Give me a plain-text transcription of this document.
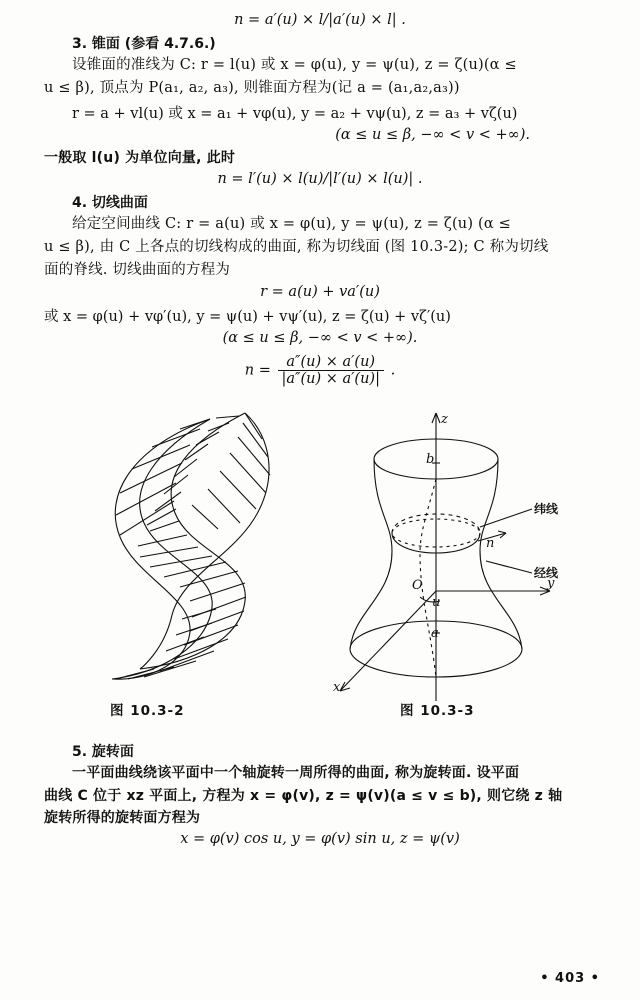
n = a′(u) × l/|a′(u) × l| .
3. 锥面 (参看 4.7.6.)
设锥面的准线为 C: r = l(u) 或 x = φ(u), y = ψ(u), z = ζ(u)(α ≤
u ≤ β), 顶点为 P(a₁, a₂, a₃), 则锥面方程为(记 a = (a₁,a₂,a₃))
r = a + vl(u) 或 x = a₁ + vφ(u), y = a₂ + vψ(u), z = a₃ + vζ(u)
(α ≤ u ≤ β, −∞ < v < +∞).
一般取 l(u) 为单位向量, 此时
n = l′(u) × l(u)/|l′(u) × l(u)| .
4. 切线曲面
给定空间曲线 C: r = a(u) 或 x = φ(u), y = ψ(u), z = ζ(u) (α ≤
u ≤ β), 由 C 上各点的切线构成的曲面, 称为切线面 (图 10.3-2); C 称为切线
面的脊线. 切线曲面的方程为
r = a(u) + va′(u)
或 x = φ(u) + vφ′(u), y = ψ(u) + vψ′(u), z = ζ(u) + vζ′(u)
(α ≤ u ≤ β, −∞ < v < +∞).
$n = \frac{a''(u) \times a'(u)}{|a''(u) \times a'(u)|}$ .
z
b
n
O
u
y
a
x
纬线
经线
图 10.3-2	图 10.3-3
5. 旋转面
一平面曲线绕该平面中一个轴旋转一周所得的曲面, 称为旋转面. 设平面
曲线 C 位于 xz 平面上, 方程为 x = φ(v), z = ψ(v)(a ≤ v ≤ b), 则它绕 z 轴
旋转所得的旋转面方程为
x = φ(v) cos u, y = φ(v) sin u, z = ψ(v)
• 403 •
